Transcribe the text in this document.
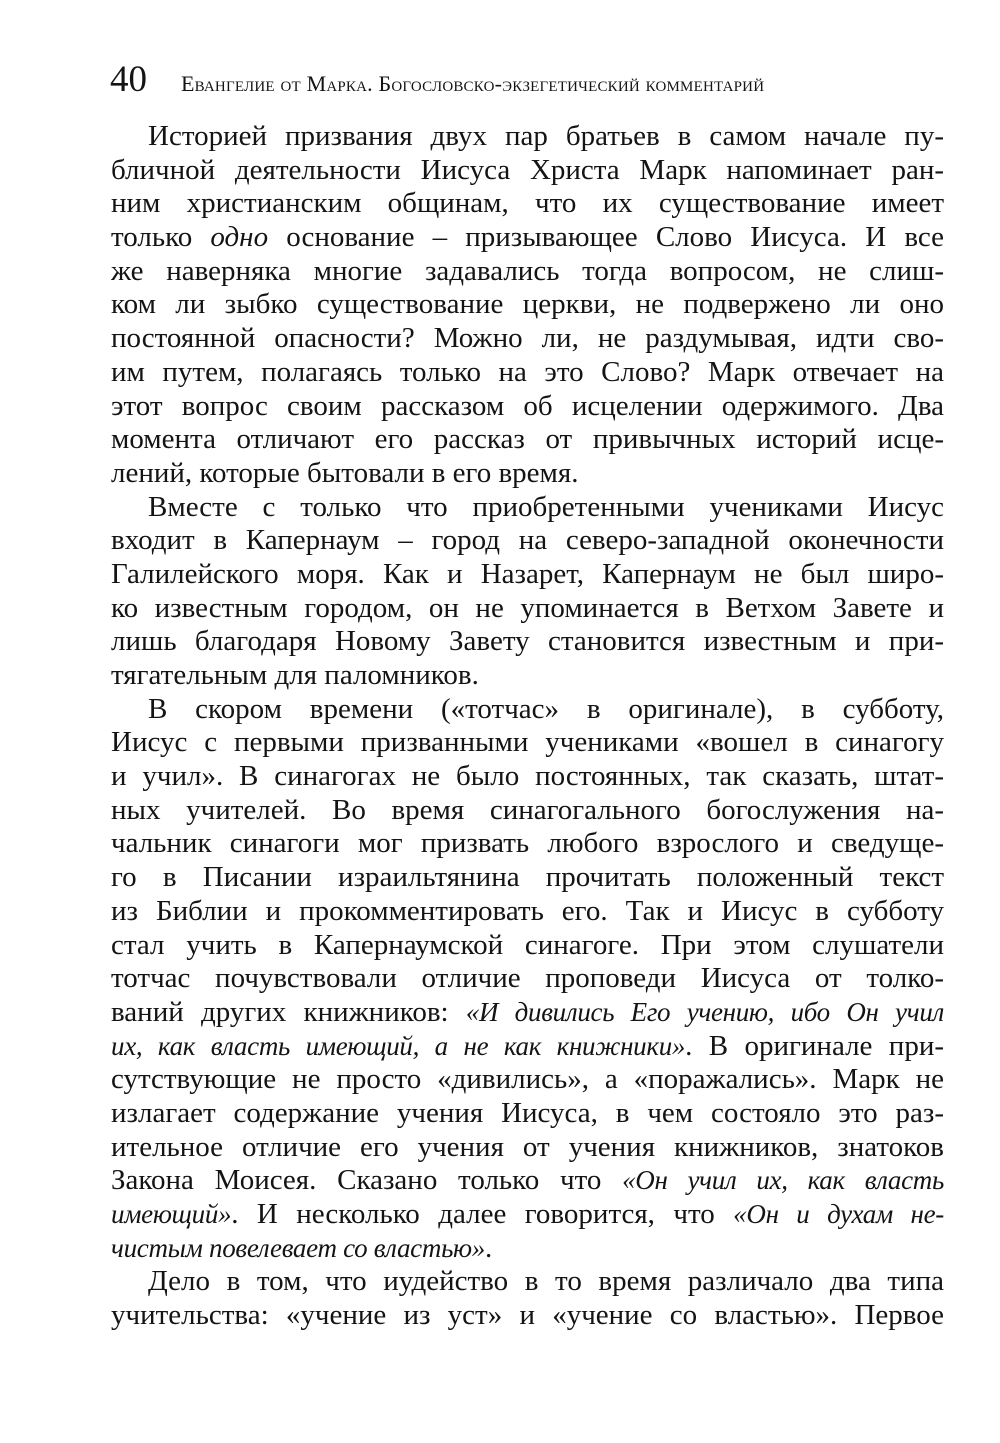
40 Евангелие от Марка. Богословско-экзегетический комментарий
Историей призвания двух пар братьев в самом начале пу-
бличной деятельности Иисуса Христа Марк напоминает ран-
ним христианским общинам, что их существование имеет
только одно основание – призывающее Слово Иисуса. И все
же наверняка многие задавались тогда вопросом, не слиш-
ком ли зыбко существование церкви, не подвержено ли оно
постоянной опасности? Можно ли, не раздумывая, идти сво-
им путем, полагаясь только на это Слово? Марк отвечает на
этот вопрос своим рассказом об исцелении одержимого. Два
момента отличают его рассказ от привычных историй исце-
лений, которые бытовали в его время.
Вместе с только что приобретенными учениками Иисус
входит в Капернаум – город на северо-западной оконечности
Галилейского моря. Как и Назарет, Капернаум не был широ-
ко известным городом, он не упоминается в Ветхом Завете и
лишь благодаря Новому Завету становится известным и при-
тягательным для паломников.
В скором времени («тотчас» в оригинале), в субботу,
Иисус с первыми призванными учениками «вошел в синагогу
и учил». В синагогах не было постоянных, так сказать, штат-
ных учителей. Во время синагогального богослужения на-
чальник синагоги мог призвать любого взрослого и сведуще-
го в Писании израильтянина прочитать положенный текст
из Библии и прокомментировать его. Так и Иисус в субботу
стал учить в Капернаумской синагоге. При этом слушатели
тотчас почувствовали отличие проповеди Иисуса от толко-
ваний других книжников: «И дивились Его учению, ибо Он учил
их, как власть имеющий, а не как книжники». В оригинале при-
сутствующие не просто «дивились», а «поражались». Марк не
излагает содержание учения Иисуса, в чем состояло это раз-
ительное отличие его учения от учения книжников, знатоков
Закона Моисея. Сказано только что «Он учил их, как власть
имеющий». И несколько далее говорится, что «Он и духам не-
чистым повелевает со властью».
Дело в том, что иудейство в то время различало два типа
учительства: «учение из уст» и «учение со властью». Первое
